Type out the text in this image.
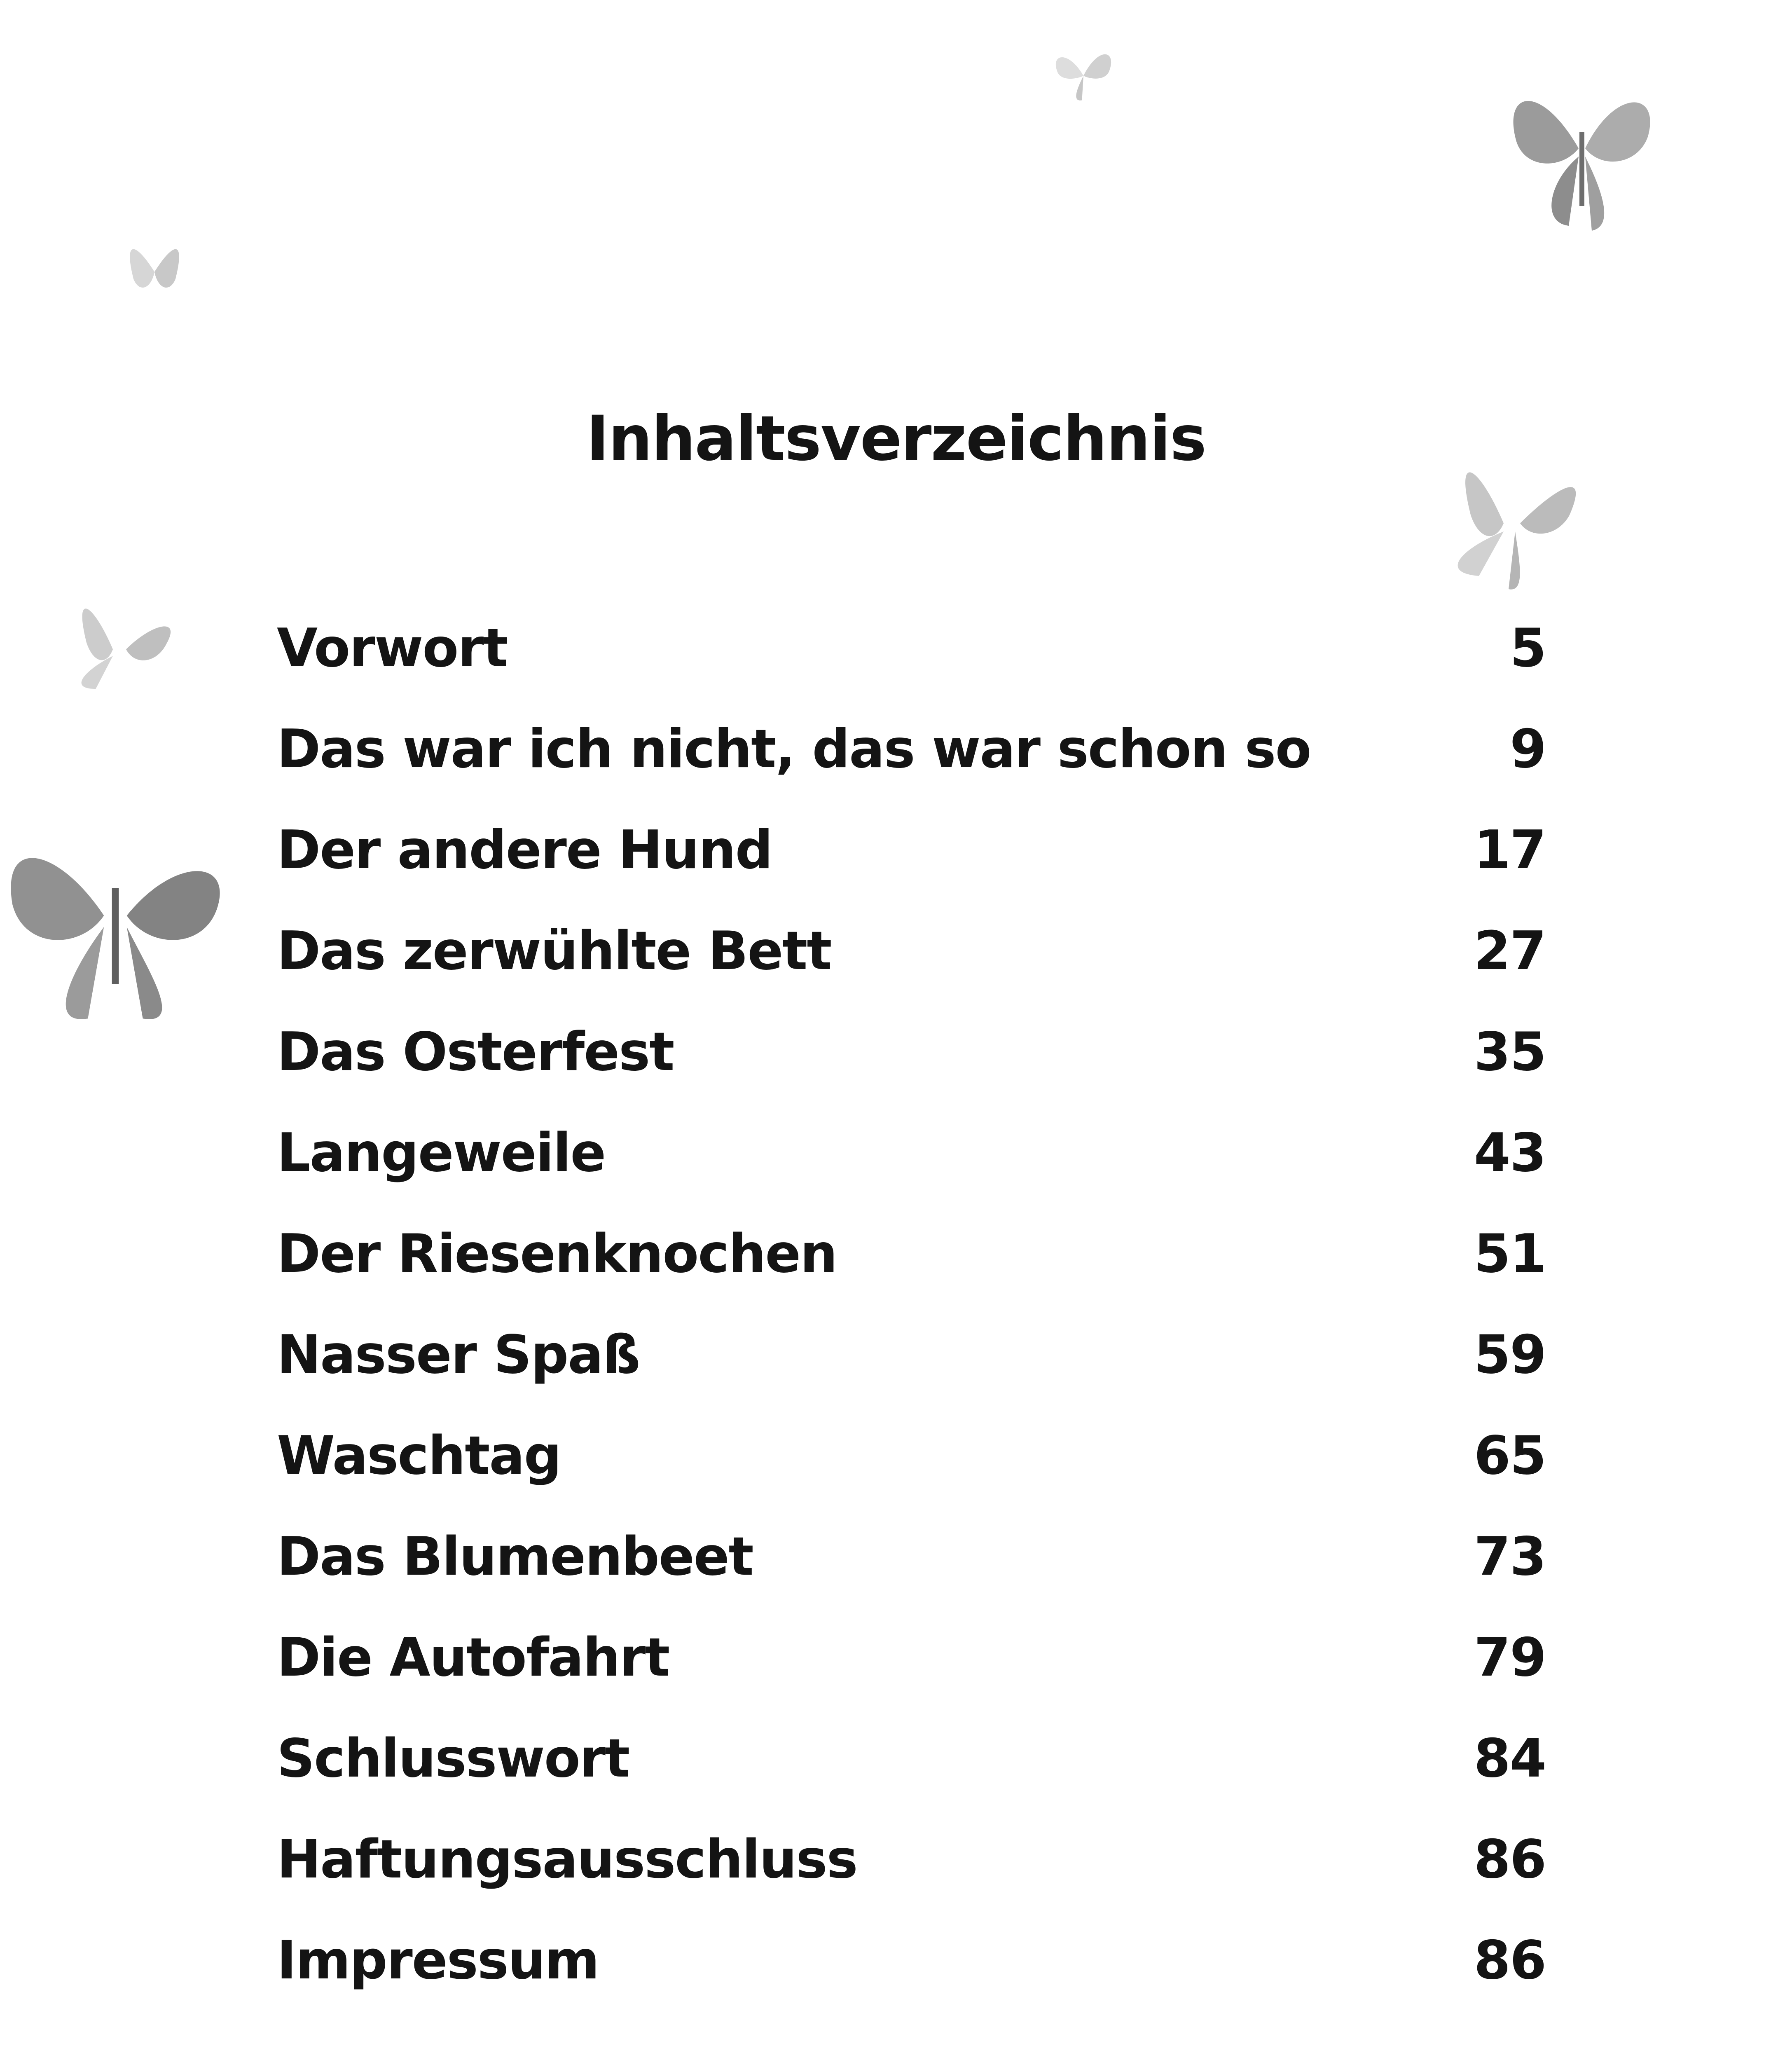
Inhaltsverzeichnis
Vorwort	5
Das war ich nicht, das war schon so	9
Der andere Hund	17
Das zerwühlte Bett	27
Das Osterfest	35
Langeweile	43
Der Riesenknochen	51
Nasser Spaß	59
Waschtag	65
Das Blumenbeet	73
Die Autofahrt	79
Schlusswort	84
Haftungsausschluss	86
Impressum	86
